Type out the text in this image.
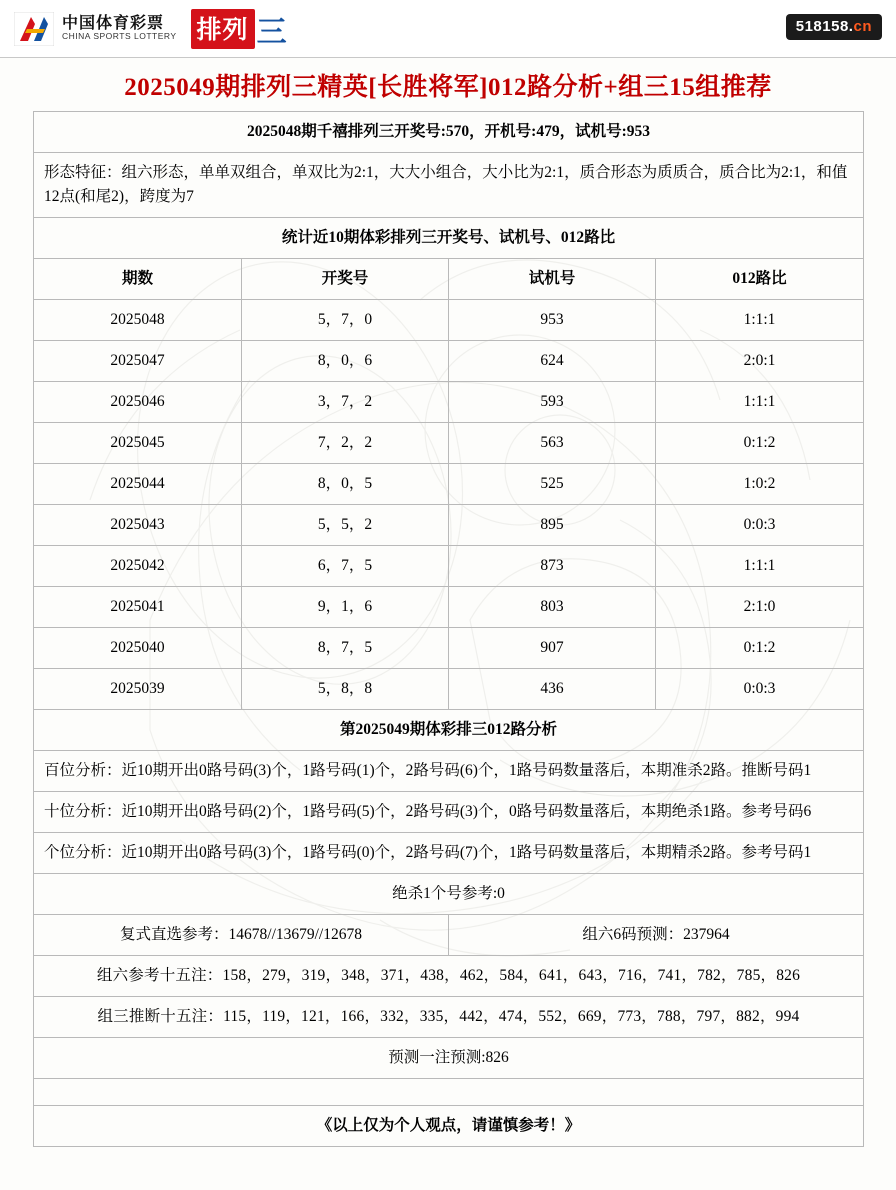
中国体育彩票
CHINA SPORTS LOTTERY 排列 三	518158.cn
2025049期排列三精英[长胜将军]012路分析+组三15组推荐
2025048期千禧排列三开奖号:570，开机号:479，试机号:953			
形态特征：组六形态，单单双组合，单双比为2:1，大大小组合，大小比为2:1，质合形态为质质合，质合比为2:1，和值12点(和尾2)，跨度为7			
统计近10期体彩排列三开奖号、试机号、012路比			
期数	开奖号	试机号	012路比
2025048	5，7，0	953	1:1:1
2025047	8，0，6	624	2:0:1
2025046	3，7，2	593	1:1:1
2025045	7，2，2	563	0:1:2
2025044	8，0，5	525	1:0:2
2025043	5，5，2	895	0:0:3
2025042	6，7，5	873	1:1:1
2025041	9，1，6	803	2:1:0
2025040	8，7，5	907	0:1:2
2025039	5，8，8	436	0:0:3
第2025049期体彩排三012路分析			
百位分析：近10期开出0路号码(3)个，1路号码(1)个，2路号码(6)个，1路号码数量落后，本期准杀2路。推断号码1			
十位分析：近10期开出0路号码(2)个，1路号码(5)个，2路号码(3)个，0路号码数量落后，本期绝杀1路。参考号码6			
个位分析：近10期开出0路号码(3)个，1路号码(0)个，2路号码(7)个，1路号码数量落后，本期精杀2路。参考号码1			
绝杀1个号参考:0			
复式直选参考：14678//13679//12678		组六6码预测：237964	
组六参考十五注：158，279，319，348，371，438，462，584，641，643，716，741，782，785，826			
组三推断十五注：115，119，121，166，332，335，442，474，552，669，773，788，797，882，994			
预测一注预测:826			

《以上仅为个人观点，请谨慎参考！》			
